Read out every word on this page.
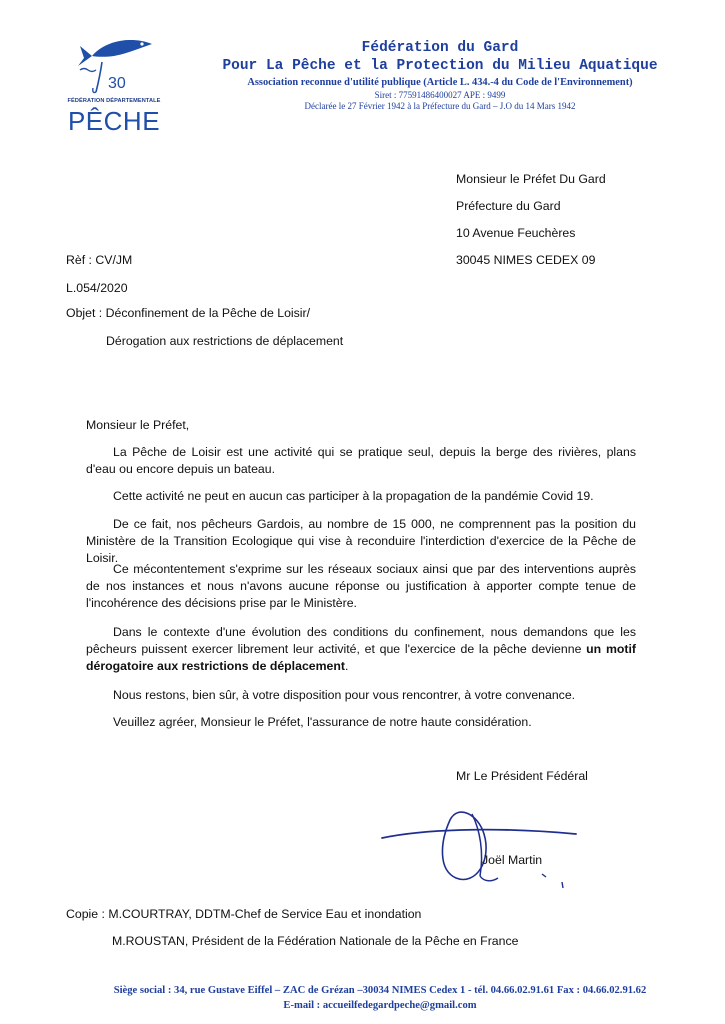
30
FÉDÉRATION DÉPARTEMENTALE
PÊCHE
Fédération du Gard
Pour La Pêche et la Protection du Milieu Aquatique
Association reconnue d'utilité publique (Article L. 434.-4 du Code de l'Environnement)
Siret : 77591486400027 APE : 9499
Déclarée le 27 Février 1942 à la Préfecture du Gard – J.O du 14 Mars 1942
Monsieur le Préfet Du Gard
Préfecture du Gard
10 Avenue Feuchères
30045 NIMES CEDEX 09
Rèf : CV/JM
L.054/2020
Objet : Déconfinement de la Pêche de Loisir/
Dérogation aux restrictions de déplacement
Monsieur le Préfet,
La Pêche de Loisir est une activité qui se pratique seul, depuis la berge des rivières, plans d'eau ou encore depuis un bateau.
Cette activité ne peut en aucun cas participer à la propagation de la pandémie Covid 19.
De ce fait, nos pêcheurs Gardois, au nombre de 15 000, ne comprennent pas la position du Ministère de la Transition Ecologique qui vise à reconduire l'interdiction d'exercice de la Pêche de Loisir.
Ce mécontentement s'exprime sur les réseaux sociaux ainsi que par des interventions auprès de nos instances et nous n'avons aucune réponse ou justification à apporter compte tenue de l'incohérence des décisions prise par le Ministère.
Dans le contexte d'une évolution des conditions du confinement, nous demandons que les pêcheurs puissent exercer librement leur activité, et que l'exercice de la pêche devienne un motif dérogatoire aux restrictions de déplacement.
Nous restons, bien sûr, à votre disposition pour vous rencontrer, à votre convenance.
Veuillez agréer, Monsieur le Préfet, l'assurance de notre haute considération.
Mr Le Président Fédéral
Joël Martin
Copie : M.COURTRAY, DDTM-Chef de Service Eau et inondation
M.ROUSTAN, Président de la Fédération Nationale de la Pêche en France
Siège social : 34, rue Gustave Eiffel – ZAC de Grézan –30034 NIMES Cedex 1 - tél. 04.66.02.91.61 Fax : 04.66.02.91.62
E-mail : accueilfedegardpeche@gmail.com
